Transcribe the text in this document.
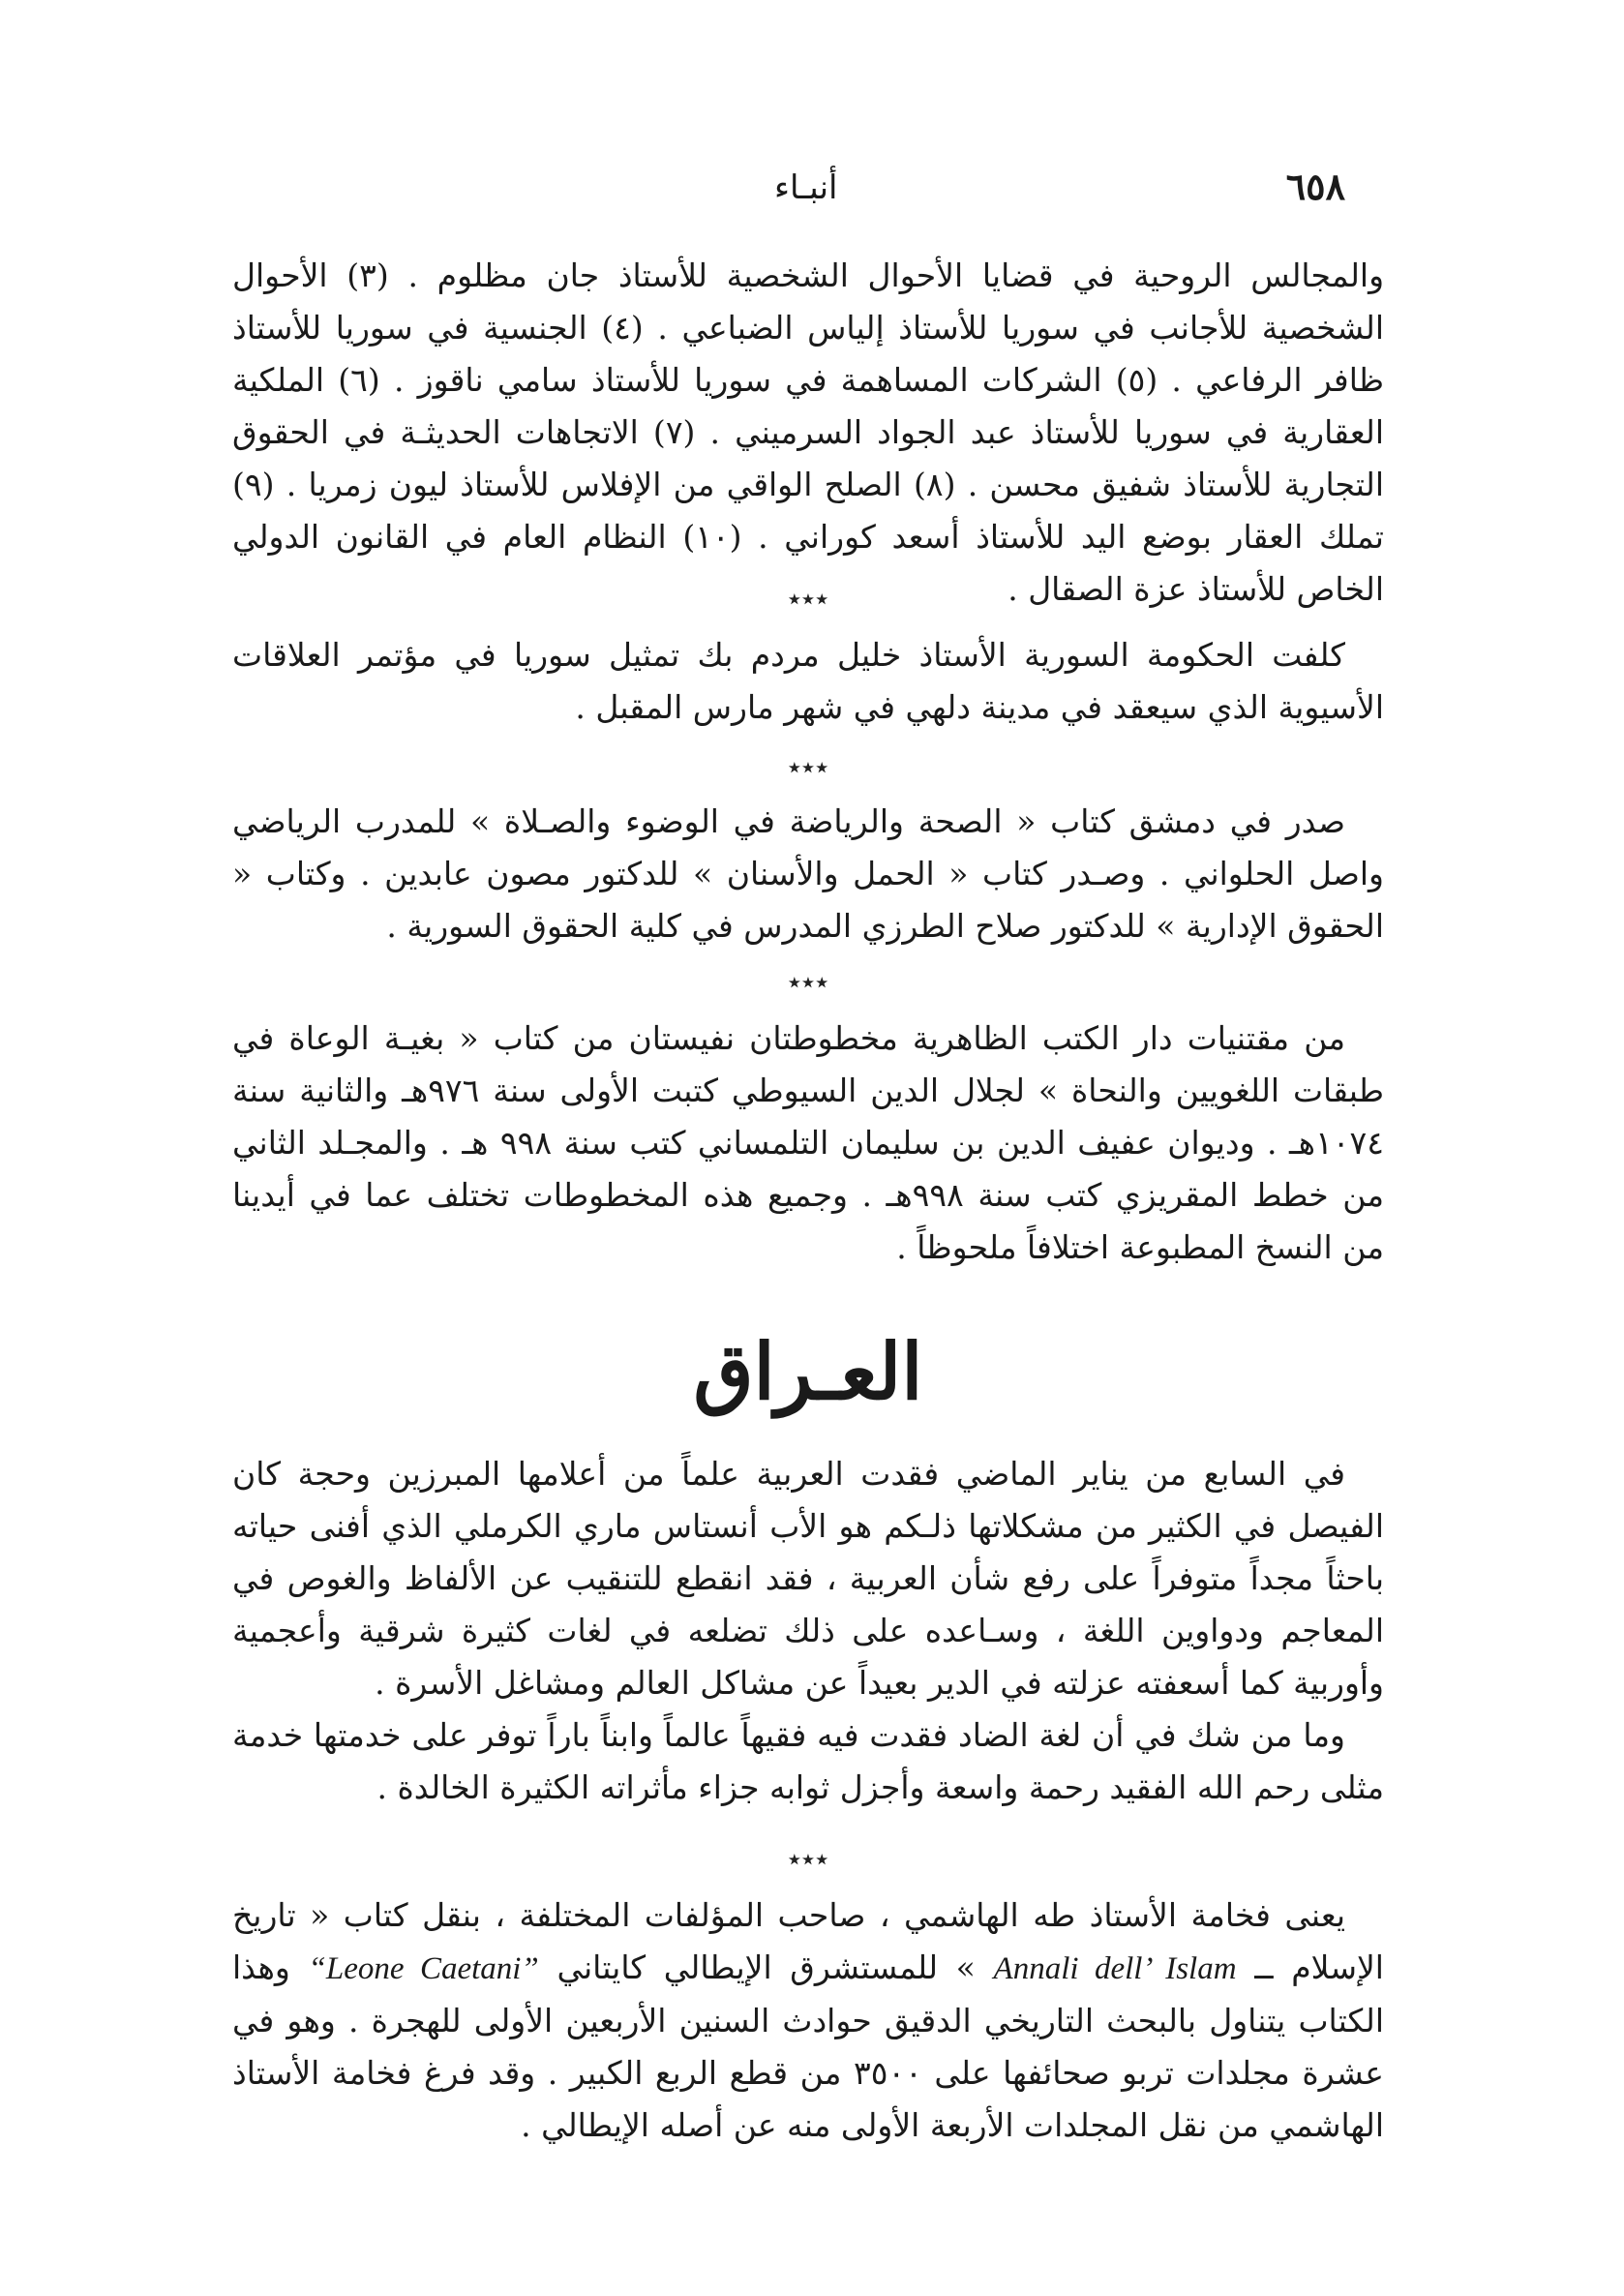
٦٥٨
أنبـاء

والمجالس الروحية في قضايا الأحوال الشخصية للأستاذ جان مظلوم . (٣) الأحوال الشخصية للأجانب في سوريا للأستاذ إلياس الضباعي . (٤) الجنسية في سوريا للأستاذ ظافر الرفاعي . (٥) الشركات المساهمة في سوريا للأستاذ سامي ناقوز . (٦) الملكية العقارية في سوريا للأستاذ عبد الجواد السرميني . (٧) الاتجاهات الحديثـة في الحقوق التجارية للأستاذ شفيق محسن . (٨) الصلح الواقي من الإفلاس للأستاذ ليون زمريا . (٩) تملك العقار بوضع اليد للأستاذ أسعد كوراني . (١٠) النظام العام في القانون الدولي الخاص للأستاذ عزة الصقال .

٭٭٭

كلفت الحكومة السورية الأستاذ خليل مردم بك تمثيل سوريا في مؤتمر العلاقات الأسيوية الذي سيعقد في مدينة دلهي في شهر مارس المقبل .

٭٭٭

صدر في دمشق كتاب « الصحة والرياضة في الوضوء والصـلاة » للمدرب الرياضي واصل الحلواني . وصـدر كتاب « الحمل والأسنان » للدكتور مصون عابدين . وكتاب « الحقوق الإدارية » للدكتور صلاح الطرزي المدرس في كلية الحقوق السورية .

٭٭٭

من مقتنيات دار الكتب الظاهرية مخطوطتان نفيستان من كتاب « بغيـة الوعاة في طبقات اللغويين والنحاة » لجلال الدين السيوطي كتبت الأولى سنة ٩٧٦هـ والثانية سنة ١٠٧٤هـ . وديوان عفيف الدين بن سليمان التلمساني كتب سنة ٩٩٨ هـ . والمجـلد الثاني من خطط المقريزي كتب سنة ٩٩٨هـ . وجميع هذه المخطوطات تختلف عما في أيدينا من النسخ المطبوعة اختلافاً ملحوظاً .

العـراق

في السابع من يناير الماضي فقدت العربية علماً من أعلامها المبرزين وحجة كان الفيصل في الكثير من مشكلاتها ذلـكم هو الأب أنستاس ماري الكرملي الذي أفنى حياته باحثاً مجداً متوفراً على رفع شأن العربية ، فقد انقطع للتنقيب عن الألفاظ والغوص في المعاجم ودواوين اللغة ، وسـاعده على ذلك تضلعه في لغات كثيرة شرقية وأعجمية وأوربية كما أسعفته عزلته في الدير بعيداً عن مشاكل العالم ومشاغل الأسرة .

وما من شك في أن لغة الضاد فقدت فيه فقيهاً عالماً وابناً باراً توفر على خدمتها خدمة مثلى رحم الله الفقيد رحمة واسعة وأجزل ثوابه جزاء مأثراته الكثيرة الخالدة .

٭٭٭

يعنى فخامة الأستاذ طه الهاشمي ، صاحب المؤلفات المختلفة ، بنقل كتاب « تاريخ الإسلام ــ Annali dell’ Islam » للمستشرق الإيطالي كايتاني “Leone Caetani” وهذا الكتاب يتناول بالبحث التاريخي الدقيق حوادث السنين الأربعين الأولى للهجرة . وهو في عشرة مجلدات تربو صحائفها على ٣٥٠٠ من قطع الربع الكبير . وقد فرغ فخامة الأستاذ الهاشمي من نقل المجلدات الأربعة الأولى منه عن أصله الإيطالي .
